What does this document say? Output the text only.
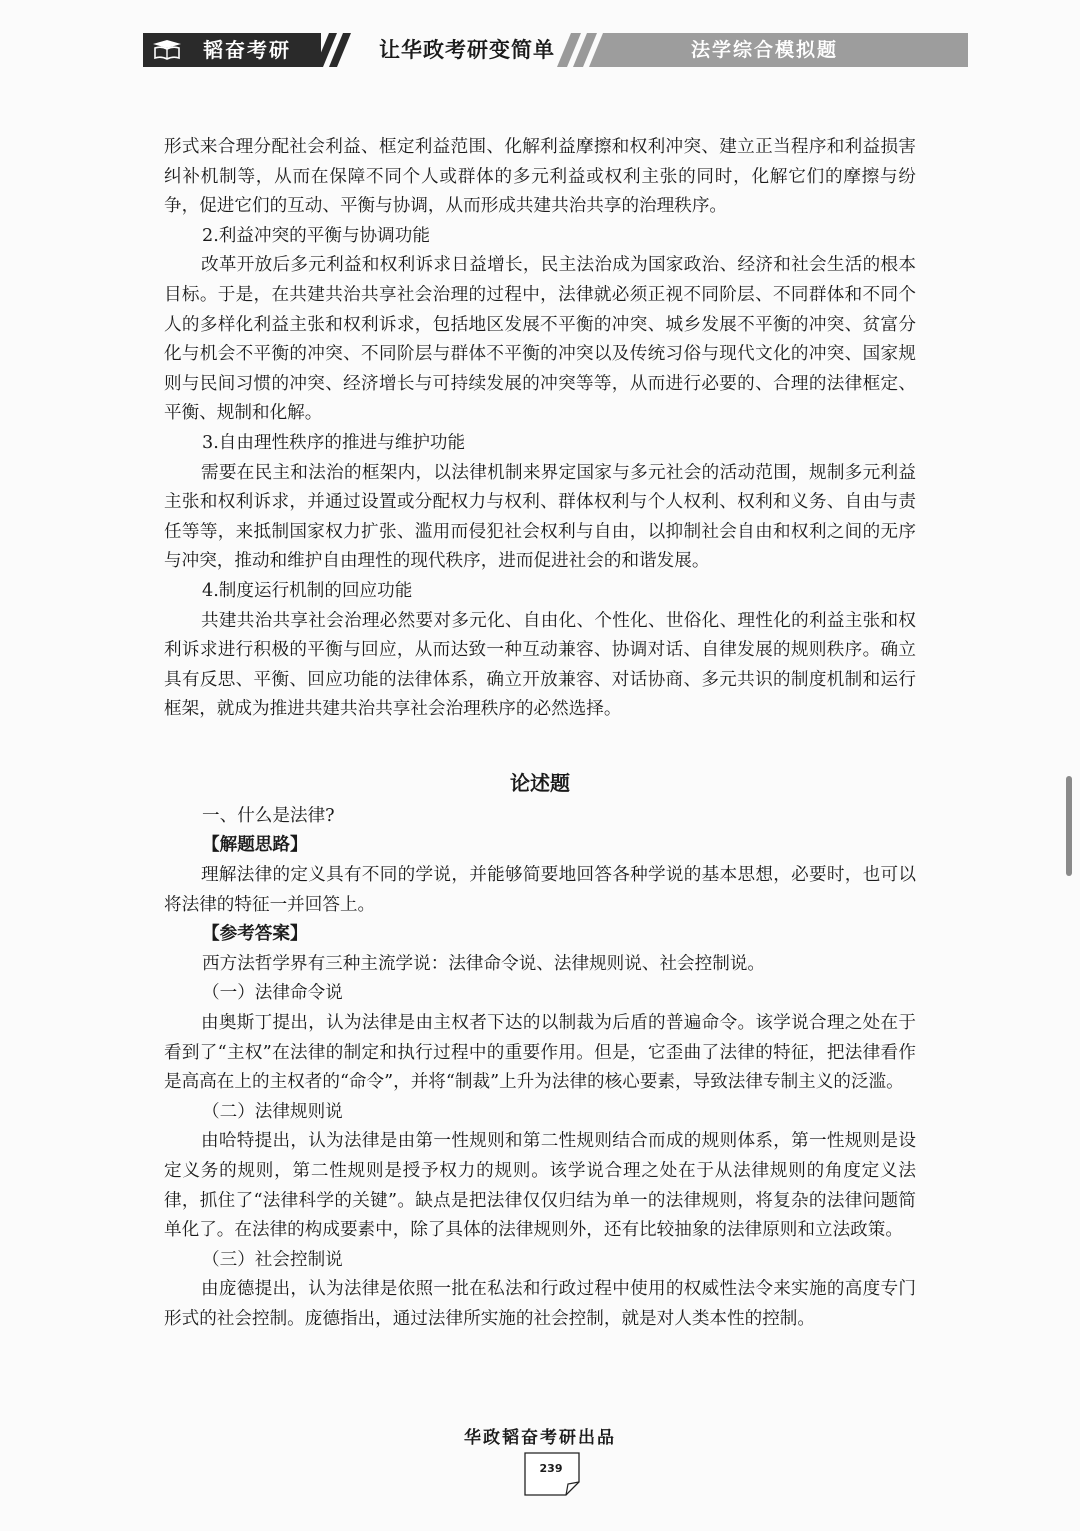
韬奋考研	让华政考研变简单	法学综合模拟题

形式来合理分配社会利益、框定利益范围、化解利益摩擦和权利冲突、建立正当程序和利益损害纠补机制等，从而在保障不同个人或群体的多元利益或权利主张的同时，化解它们的摩擦与纷争，促进它们的互动、平衡与协调，从而形成共建共治共享的治理秩序。

2.利益冲突的平衡与协调功能

改革开放后多元利益和权利诉求日益增长，民主法治成为国家政治、经济和社会生活的根本目标。于是，在共建共治共享社会治理的过程中，法律就必须正视不同阶层、不同群体和不同个人的多样化利益主张和权利诉求，包括地区发展不平衡的冲突、城乡发展不平衡的冲突、贫富分化与机会不平衡的冲突、不同阶层与群体不平衡的冲突以及传统习俗与现代文化的冲突、国家规则与民间习惯的冲突、经济增长与可持续发展的冲突等等，从而进行必要的、合理的法律框定、平衡、规制和化解。

3.自由理性秩序的推进与维护功能

需要在民主和法治的框架内，以法律机制来界定国家与多元社会的活动范围，规制多元利益主张和权利诉求，并通过设置或分配权力与权利、群体权利与个人权利、权利和义务、自由与责任等等，来抵制国家权力扩张、滥用而侵犯社会权利与自由，以抑制社会自由和权利之间的无序与冲突，推动和维护自由理性的现代秩序，进而促进社会的和谐发展。

4.制度运行机制的回应功能

共建共治共享社会治理必然要对多元化、自由化、个性化、世俗化、理性化的利益主张和权利诉求进行积极的平衡与回应，从而达致一种互动兼容、协调对话、自律发展的规则秩序。确立具有反思、平衡、回应功能的法律体系，确立开放兼容、对话协商、多元共识的制度机制和运行框架，就成为推进共建共治共享社会治理秩序的必然选择。

论述题

一、什么是法律?

【解题思路】

理解法律的定义具有不同的学说，并能够简要地回答各种学说的基本思想，必要时，也可以将法律的特征一并回答上。

【参考答案】

西方法哲学界有三种主流学说：法律命令说、法律规则说、社会控制说。

（一）法律命令说

由奥斯丁提出，认为法律是由主权者下达的以制裁为后盾的普遍命令。该学说合理之处在于看到了“主权”在法律的制定和执行过程中的重要作用。但是，它歪曲了法律的特征，把法律看作是高高在上的主权者的“命令”，并将“制裁”上升为法律的核心要素，导致法律专制主义的泛滥。

（二）法律规则说

由哈特提出，认为法律是由第一性规则和第二性规则结合而成的规则体系，第一性规则是设定义务的规则，第二性规则是授予权力的规则。该学说合理之处在于从法律规则的角度定义法律，抓住了“法律科学的关键”。缺点是把法律仅仅归结为单一的法律规则，将复杂的法律问题简单化了。在法律的构成要素中，除了具体的法律规则外，还有比较抽象的法律原则和立法政策。

（三）社会控制说

由庞德提出，认为法律是依照一批在私法和行政过程中使用的权威性法令来实施的高度专门形式的社会控制。庞德指出，通过法律所实施的社会控制，就是对人类本性的控制。

华政韬奋考研出品
239
